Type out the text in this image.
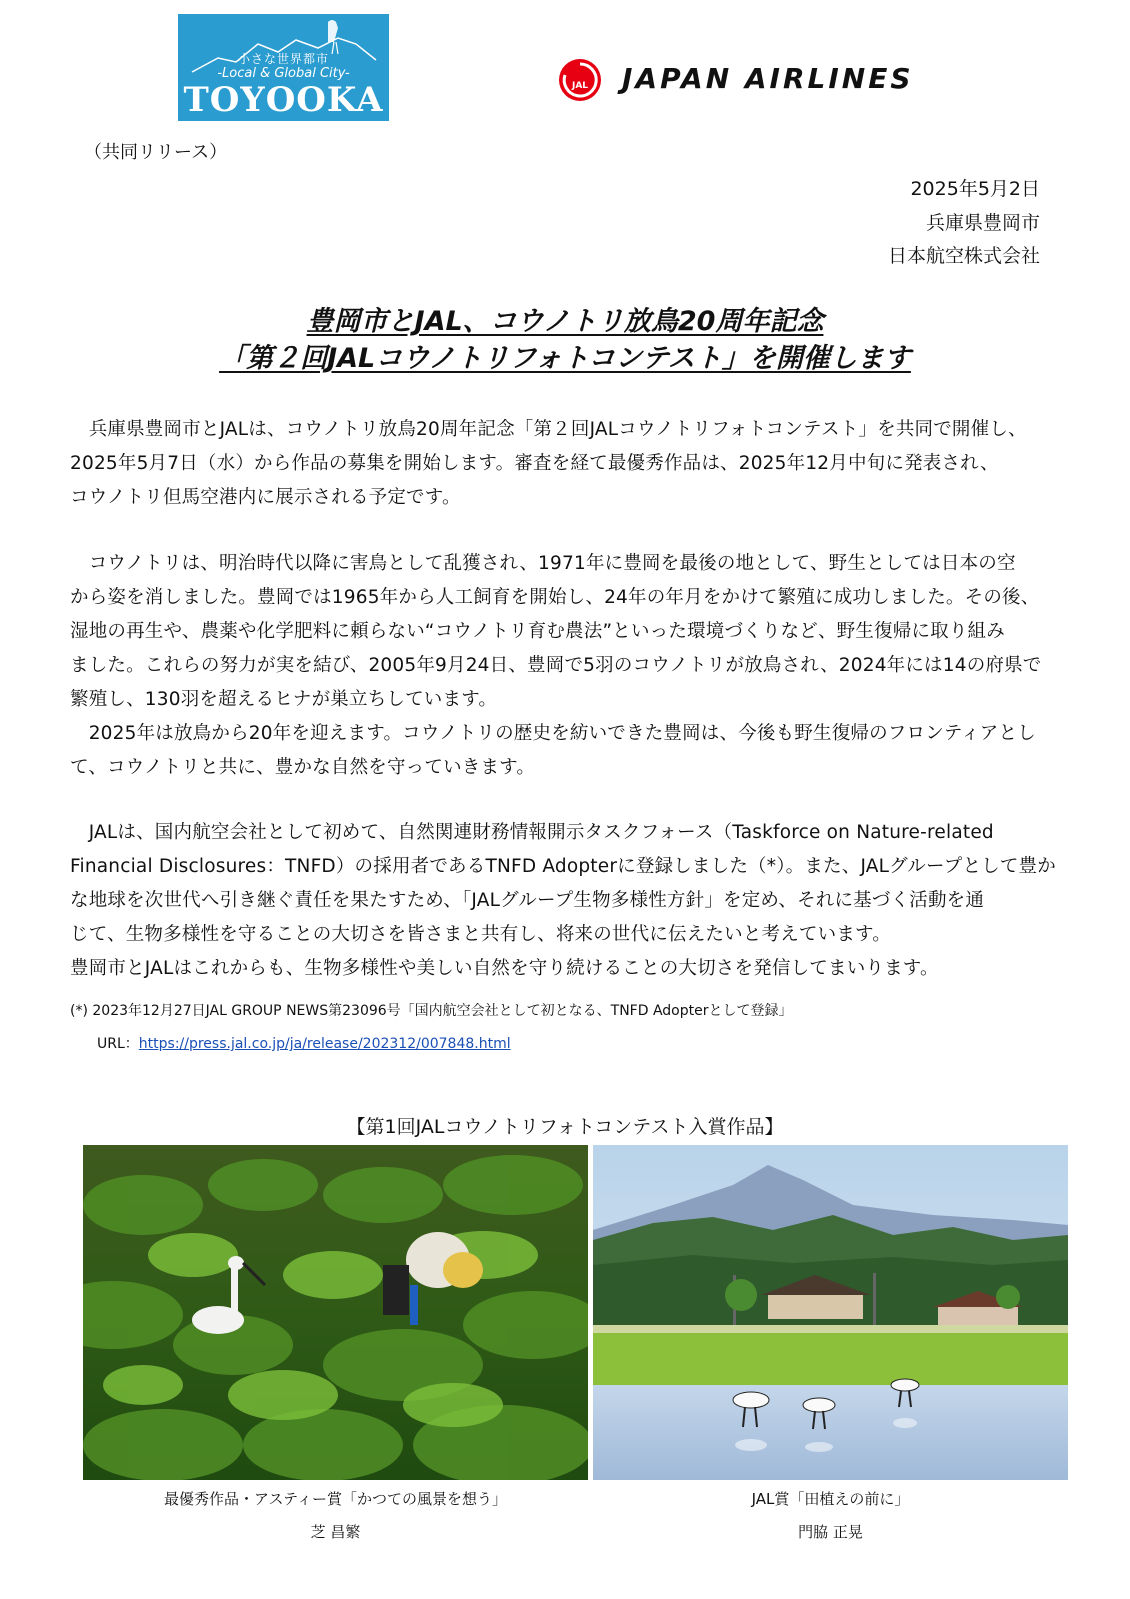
小さな世界都市
-Local & Global City-
TOYOOKA	JAL JAPAN AIRLINES
（共同リリース）
2025年5月2日
兵庫県豊岡市
日本航空株式会社
豊岡市とJAL、コウノトリ放鳥20周年記念
「第２回JALコウノトリフォトコンテスト」を開催します
　兵庫県豊岡市とJALは、コウノトリ放鳥20周年記念「第２回JALコウノトリフォトコンテスト」を共同で開催し、
2025年5月7日（水）から作品の募集を開始します。審査を経て最優秀作品は、2025年12月中旬に発表され、
コウノトリ但馬空港内に展示される予定です。
　コウノトリは、明治時代以降に害鳥として乱獲され、1971年に豊岡を最後の地として、野生としては日本の空
から姿を消しました。豊岡では1965年から人工飼育を開始し、24年の年月をかけて繁殖に成功しました。その後、
湿地の再生や、農薬や化学肥料に頼らない“コウノトリ育む農法”といった環境づくりなど、野生復帰に取り組み
ました。これらの努力が実を結び、2005年9月24日、豊岡で5羽のコウノトリが放鳥され、2024年には14の府県で
繁殖し、130羽を超えるヒナが巣立ちしています。
　2025年は放鳥から20年を迎えます。コウノトリの歴史を紡いできた豊岡は、今後も野生復帰のフロンティアとし
て、コウノトリと共に、豊かな自然を守っていきます。
　JALは、国内航空会社として初めて、自然関連財務情報開示タスクフォース（Taskforce on Nature-related
Financial Disclosures：TNFD）の採用者であるTNFD Adopterに登録しました（*）。また、JALグループとして豊か
な地球を次世代へ引き継ぐ責任を果たすため、「JALグループ生物多様性方針」を定め、それに基づく活動を通
じて、生物多様性を守ることの大切さを皆さまと共有し、将来の世代に伝えたいと考えています。
豊岡市とJALはこれからも、生物多様性や美しい自然を守り続けることの大切さを発信してまいります。
(*) 2023年12月27日JAL GROUP NEWS第23096号「国内航空会社として初となる、TNFD Adopterとして登録」
URL：https://press.jal.co.jp/ja/release/202312/007848.html
【第1回JALコウノトリフォトコンテスト入賞作品】
最優秀作品・アスティー賞「かつての風景を想う」
芝 昌繁
JAL賞「田植えの前に」
門脇 正晃
